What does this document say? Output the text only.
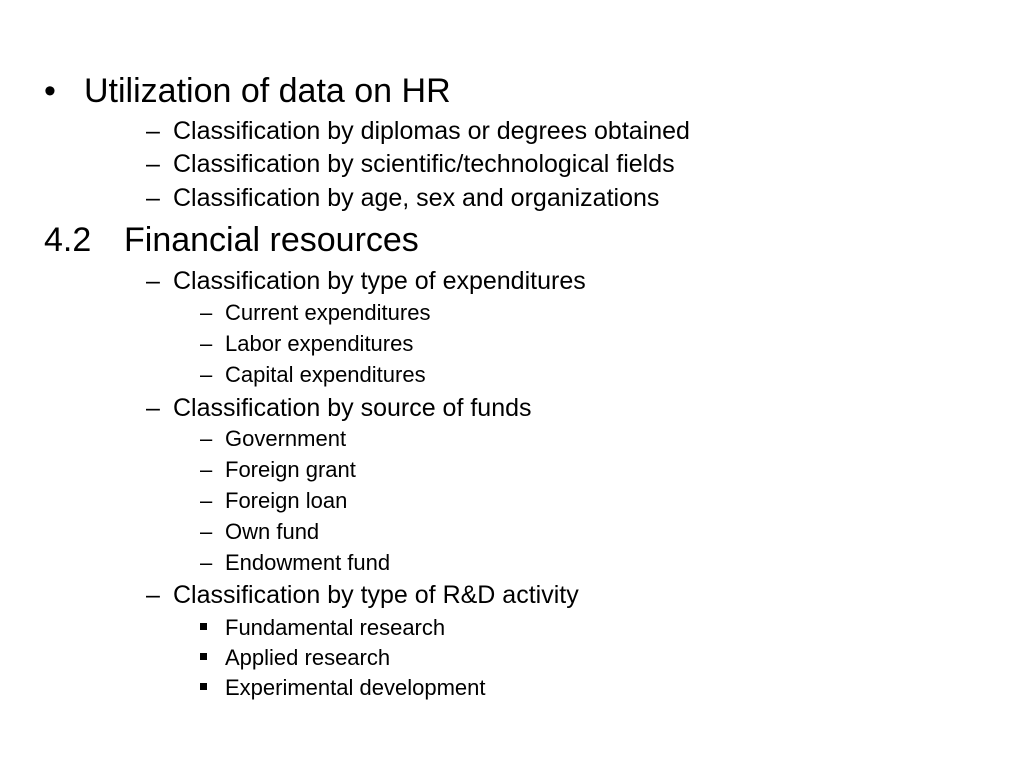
• Utilization of data on HR
– Classification by diplomas or degrees obtained
– Classification by scientific/technological fields
– Classification by age, sex and organizations
4.2 Financial resources
– Classification by type of expenditures
– Current expenditures
– Labor expenditures
– Capital expenditures
– Classification by source of funds
– Government
– Foreign grant
– Foreign loan
– Own fund
– Endowment fund
– Classification by type of R&D activity
Fundamental research
Applied research
Experimental development
